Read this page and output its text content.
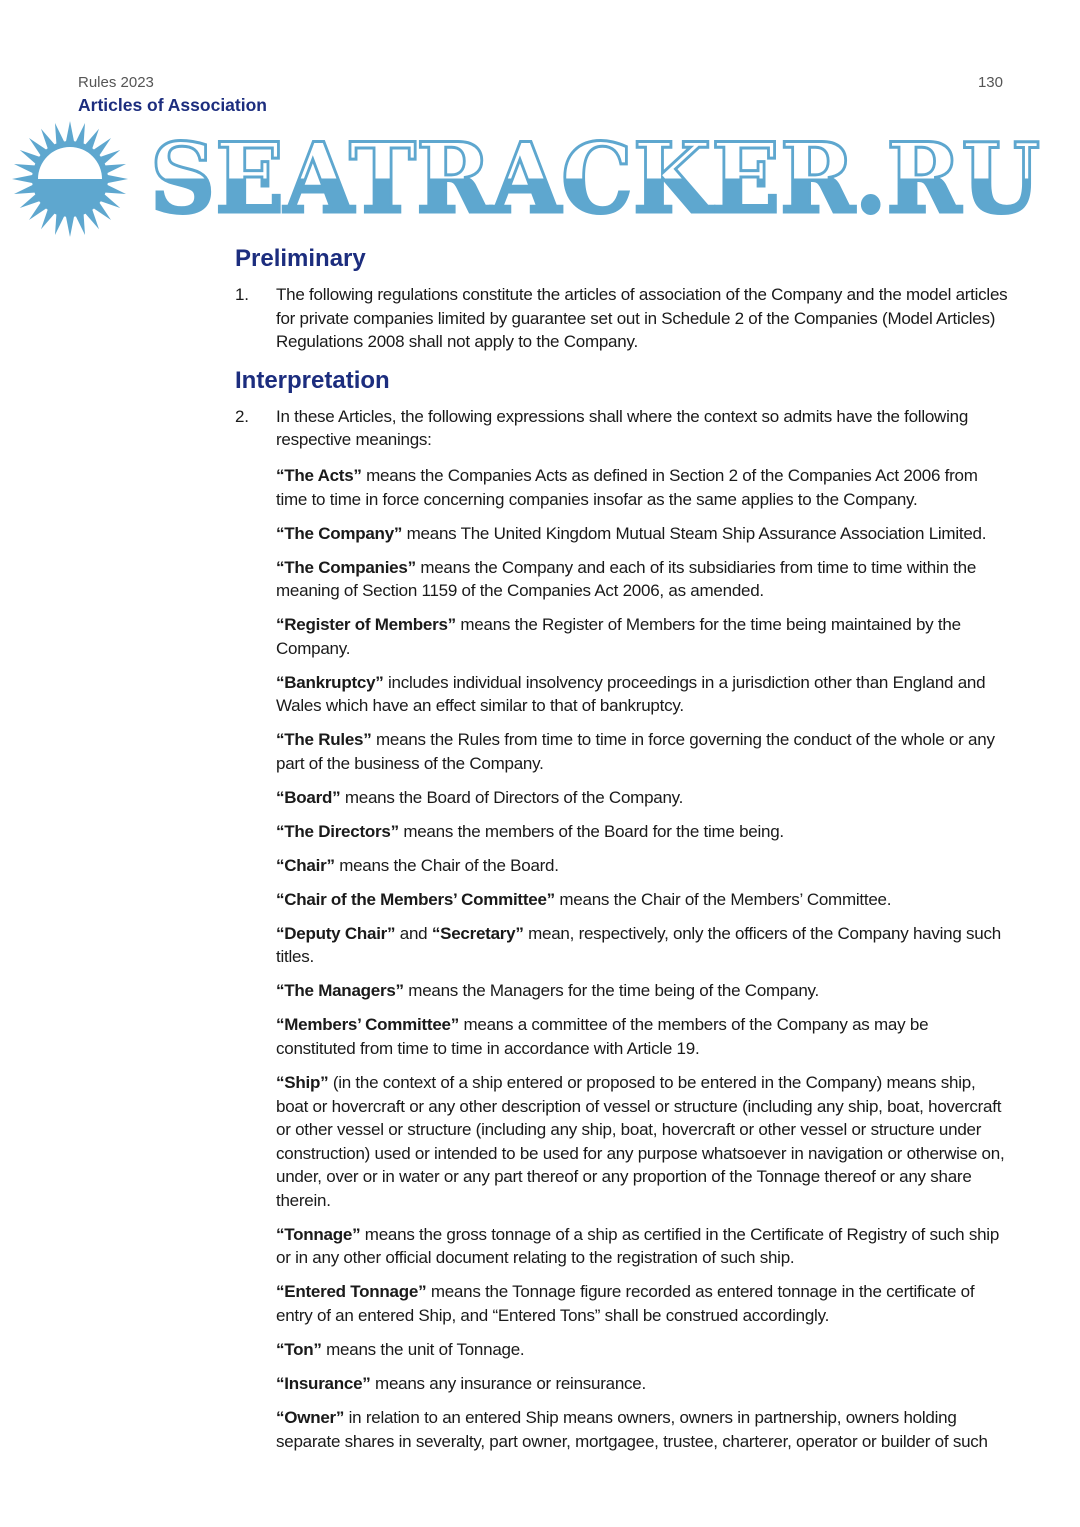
Rules 2023
Articles of Association
130
SEATRACKER.RU
Preliminary
1.	The following regulations constitute the articles of association of the Company and the model articles for private companies limited by guarantee set out in Schedule 2 of the Companies (Model Articles) Regulations 2008 shall not apply to the Company.
Interpretation
2.	In these Articles, the following expressions shall where the context so admits have the following respective meanings:

“The Acts” means the Companies Acts as defined in Section 2 of the Companies Act 2006 from time to time in force concerning companies insofar as the same applies to the Company.

“The Company” means The United Kingdom Mutual Steam Ship Assurance Association Limited.

“The Companies” means the Company and each of its subsidiaries from time to time within the meaning of Section 1159 of the Companies Act 2006, as amended.

“Register of Members” means the Register of Members for the time being maintained by the Company.

“Bankruptcy” includes individual insolvency proceedings in a jurisdiction other than England and Wales which have an effect similar to that of bankruptcy.

“The Rules” means the Rules from time to time in force governing the conduct of the whole or any part of the business of the Company.

“Board” means the Board of Directors of the Company.

“The Directors” means the members of the Board for the time being.

“Chair” means the Chair of the Board.

“Chair of the Members’ Committee” means the Chair of the Members’ Committee.

“Deputy Chair” and “Secretary” mean, respectively, only the officers of the Company having such titles.

“The Managers” means the Managers for the time being of the Company.

“Members’ Committee” means a committee of the members of the Company as may be constituted from time to time in accordance with Article 19.

“Ship” (in the context of a ship entered or proposed to be entered in the Company) means ship, boat or hovercraft or any other description of vessel or structure (including any ship, boat, hovercraft or other vessel or structure (including any ship, boat, hovercraft or other vessel or structure under construction) used or intended to be used for any purpose whatsoever in navigation or otherwise on, under, over or in water or any part thereof or any proportion of the Tonnage thereof or any share therein.

“Tonnage” means the gross tonnage of a ship as certified in the Certificate of Registry of such ship or in any other official document relating to the registration of such ship.

“Entered Tonnage” means the Tonnage figure recorded as entered tonnage in the certificate of entry of an entered Ship, and “Entered Tons” shall be construed accordingly.

“Ton” means the unit of Tonnage.

“Insurance” means any insurance or reinsurance.

“Owner” in relation to an entered Ship means owners, owners in partnership, owners holding separate shares in severalty, part owner, mortgagee, trustee, charterer, operator or builder of such
